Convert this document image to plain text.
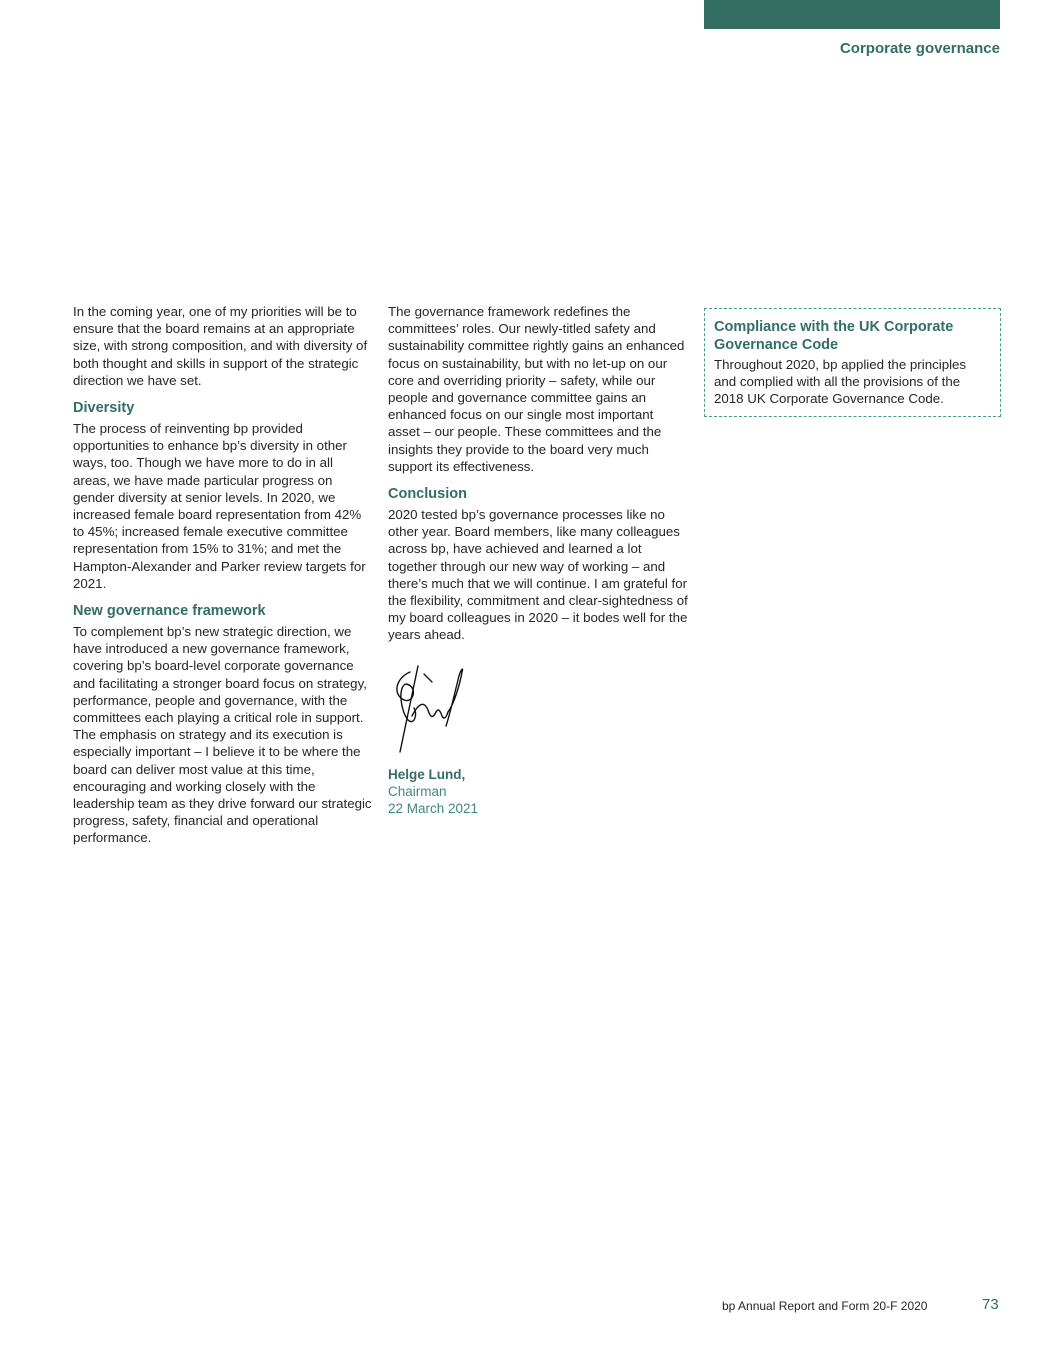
Corporate governance

In the coming year, one of my priorities will be to ensure that the board remains at an appropriate size, with strong composition, and with diversity of both thought and skills in support of the strategic direction we have set.

Diversity

The process of reinventing bp provided opportunities to enhance bp’s diversity in other ways, too. Though we have more to do in all areas, we have made particular progress on gender diversity at senior levels. In 2020, we increased female board representation from 42% to 45%; increased female executive committee representation from 15% to 31%; and met the Hampton-Alexander and Parker review targets for 2021.

New governance framework

To complement bp’s new strategic direction, we have introduced a new governance framework, covering bp’s board-level corporate governance and facilitating a stronger board focus on strategy, performance, people and governance, with the committees each playing a critical role in support. The emphasis on strategy and its execution is especially important – I believe it to be where the board can deliver most value at this time, encouraging and working closely with the leadership team as they drive forward our strategic progress, safety, financial and operational performance.

The governance framework redefines the committees’ roles. Our newly-titled safety and sustainability committee rightly gains an enhanced focus on sustainability, but with no let-up on our core and overriding priority – safety, while our people and governance committee gains an enhanced focus on our single most important asset – our people. These committees and the insights they provide to the board very much support its effectiveness.

Conclusion

2020 tested bp’s governance processes like no other year. Board members, like many colleagues across bp, have achieved and learned a lot together through our new way of working – and there’s much that we will continue. I am grateful for the flexibility, commitment and clear-sightedness of my board colleagues in 2020 – it bodes well for the years ahead.

Helge Lund,
Chairman
22 March 2021
Compliance with the UK Corporate Governance Code

Throughout 2020, bp applied the principles and complied with all the provisions of the 2018 UK Corporate Governance Code.

bp Annual Report and Form 20-F 2020	73
